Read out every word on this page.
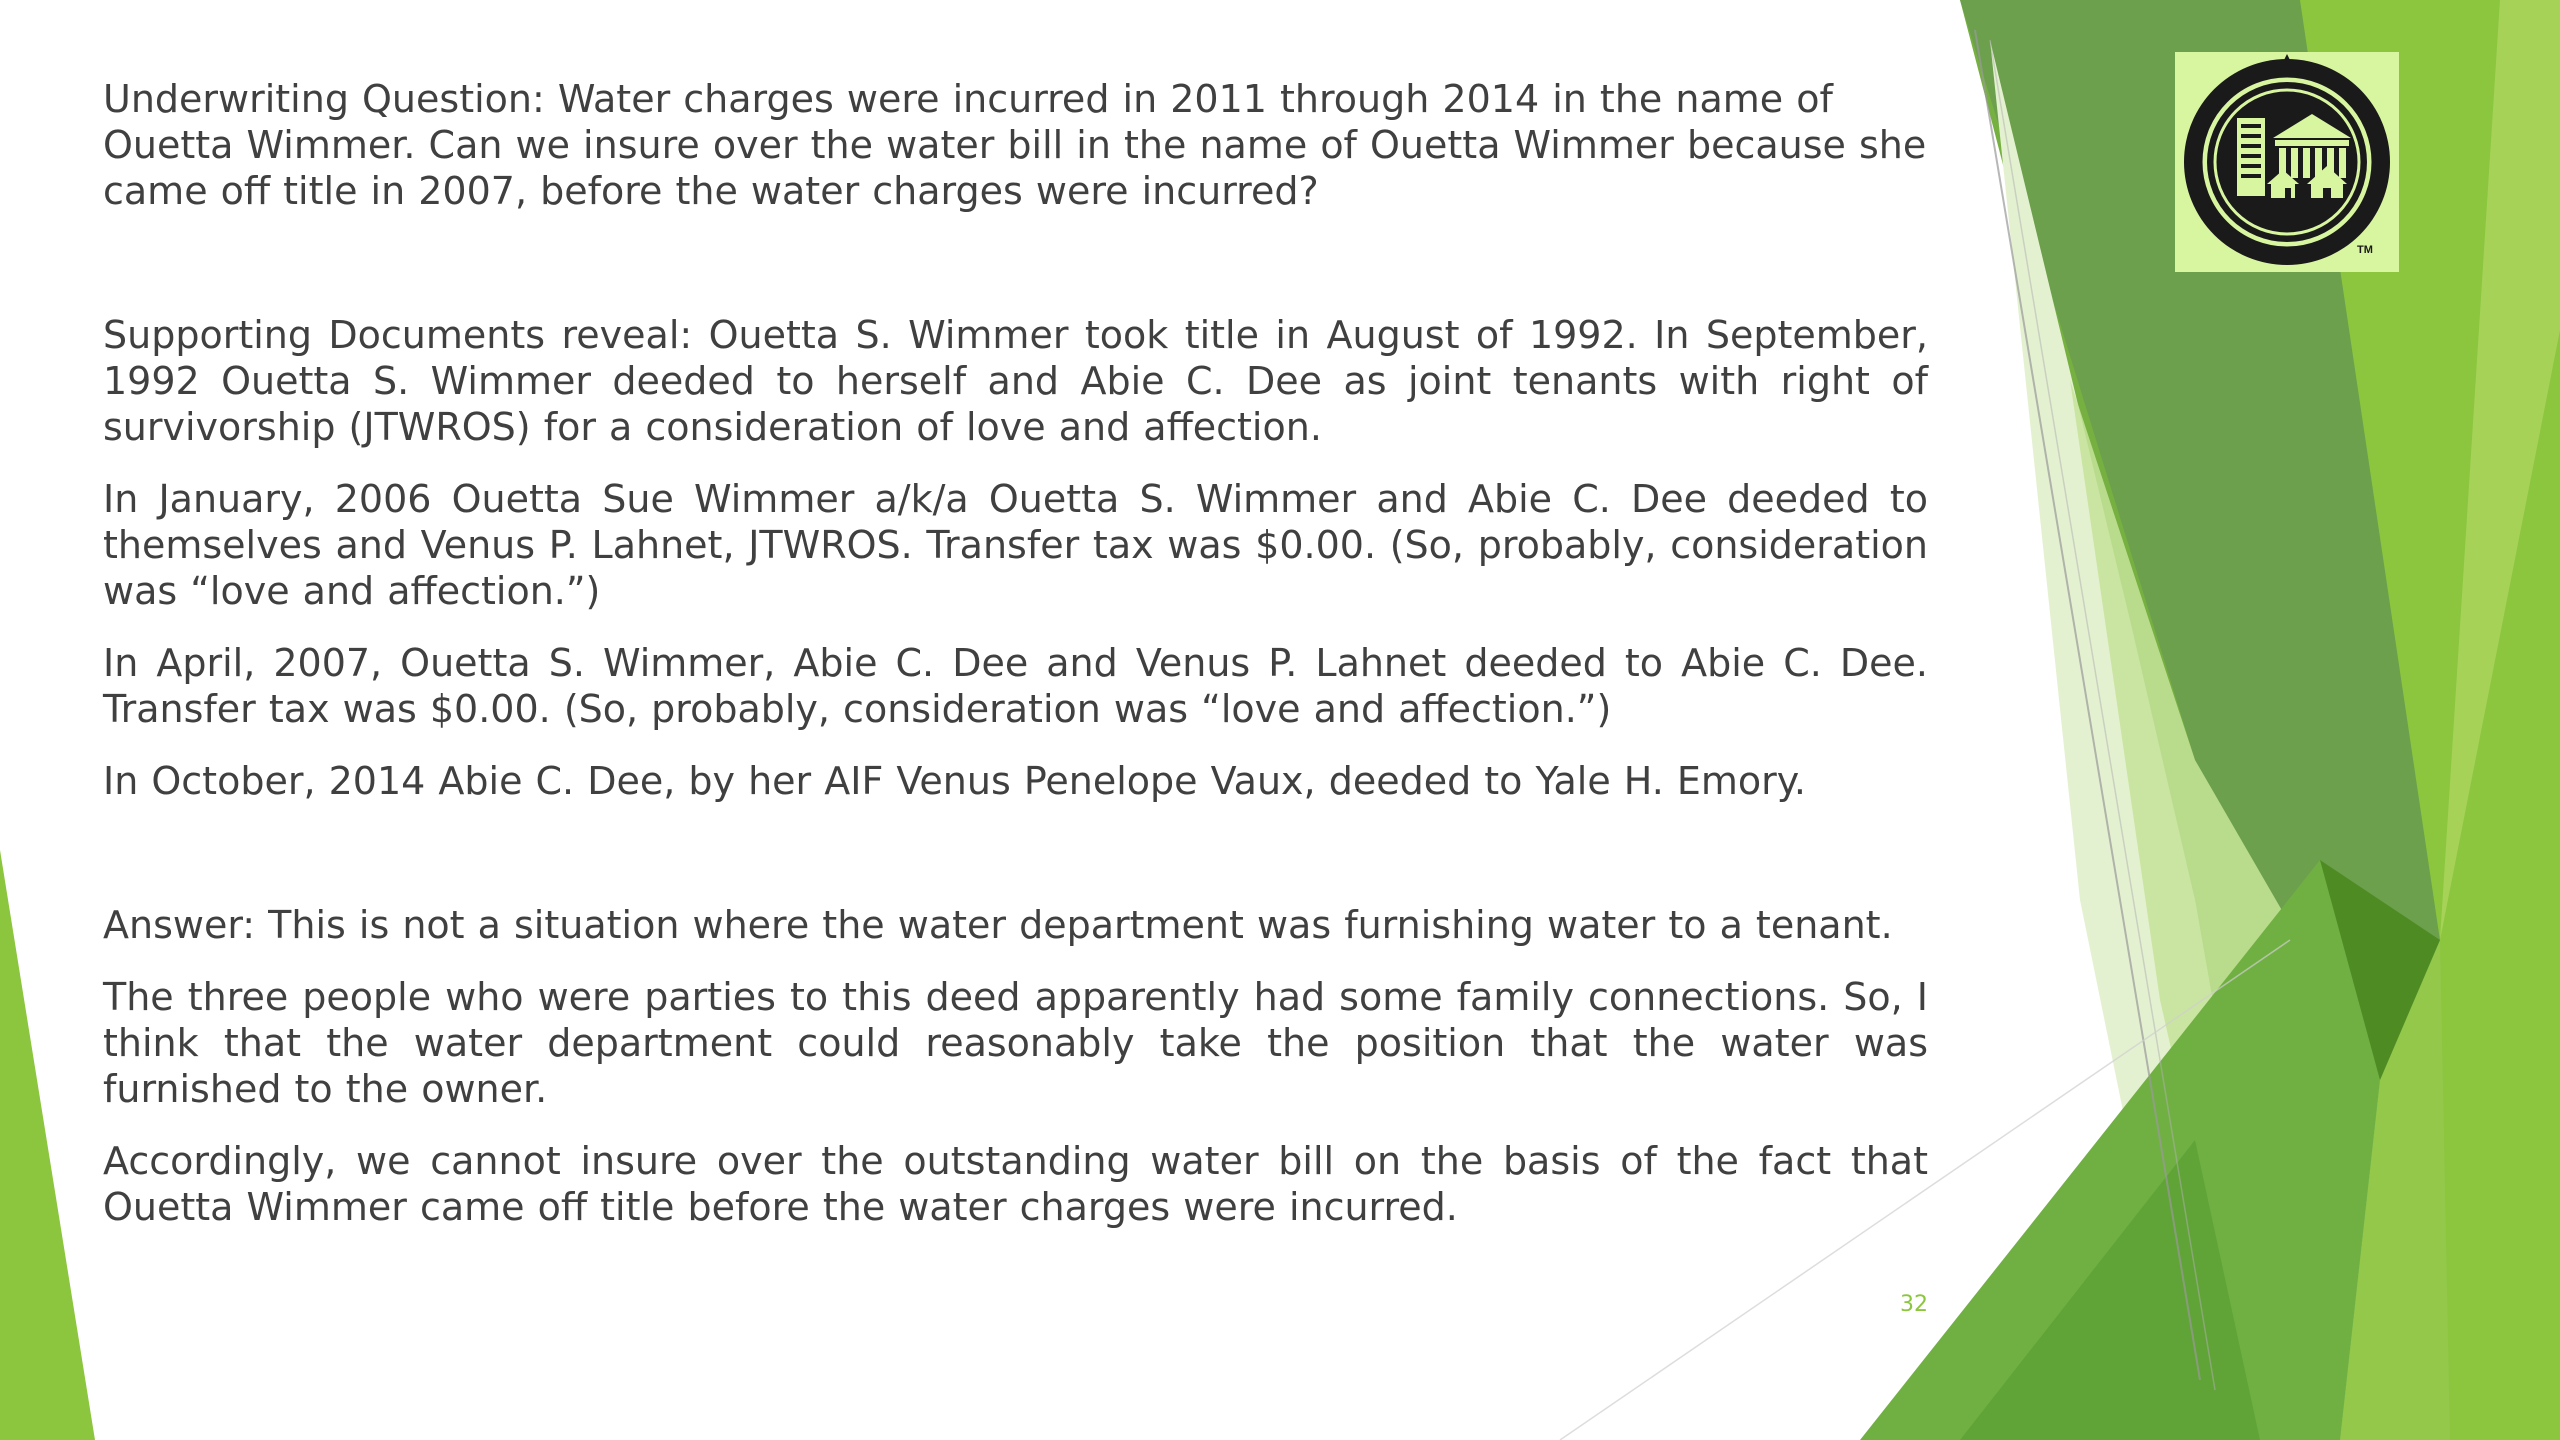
TM

Underwriting Question: Water charges were incurred in 2011 through 2014 in the name of Ouetta Wimmer. Can we insure over the water bill in the name of Ouetta Wimmer because she came off title in 2007, before the water charges were incurred?

Supporting Documents reveal: Ouetta S. Wimmer took title in August of 1992. In September, 1992 Ouetta S. Wimmer deeded to herself and Abie C. Dee as joint tenants with right of survivorship (JTWROS) for a consideration of love and affection.

In January, 2006 Ouetta Sue Wimmer a/k/a Ouetta S. Wimmer and Abie C. Dee deeded to themselves and Venus P. Lahnet, JTWROS. Transfer tax was $0.00. (So, probably, consideration was “love and affection.”)

In April, 2007, Ouetta S. Wimmer, Abie C. Dee and Venus P. Lahnet deeded to Abie C. Dee. Transfer tax was $0.00. (So, probably, consideration was “love and affection.”)

In October, 2014 Abie C. Dee, by her AIF Venus Penelope Vaux, deeded to Yale H. Emory.

Answer: This is not a situation where the water department was furnishing water to a tenant.

The three people who were parties to this deed apparently had some family connections. So, I think that the water department could reasonably take the position that the water was furnished to the owner.

Accordingly, we cannot insure over the outstanding water bill on the basis of the fact that Ouetta Wimmer came off title before the water charges were incurred.

32
